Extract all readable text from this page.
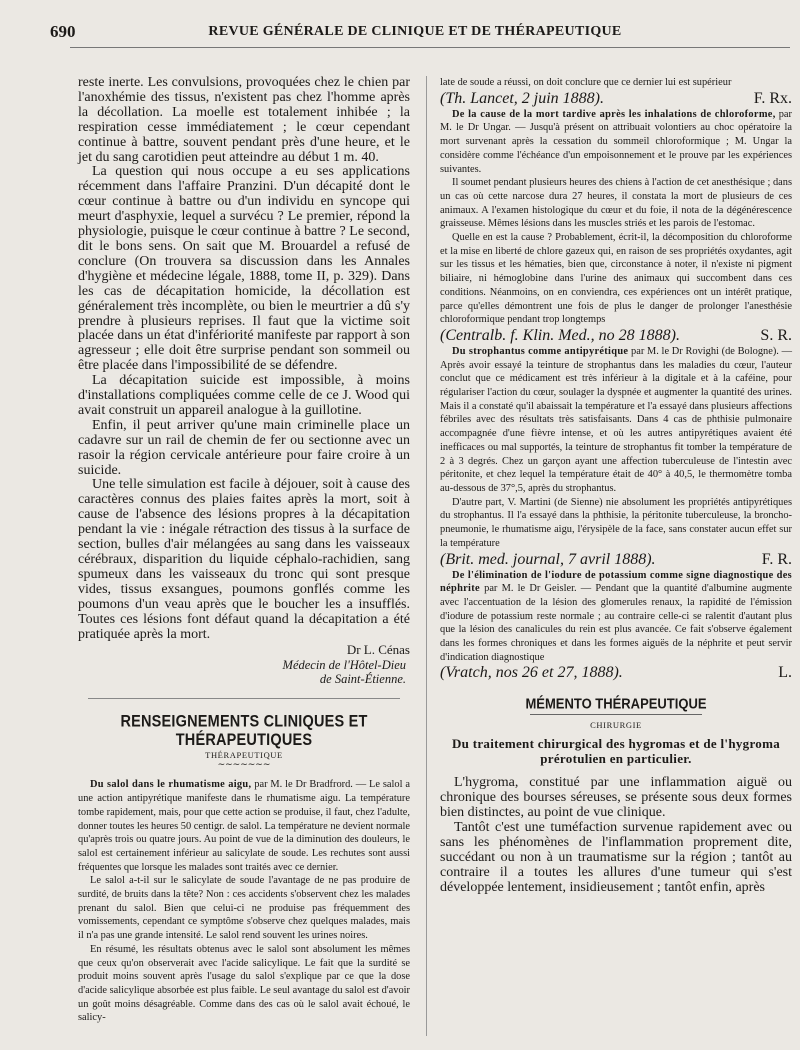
690	REVUE GÉNÉRALE DE CLINIQUE ET DE THÉRAPEUTIQUE

reste inerte. Les convulsions, provoquées chez le chien par l'anoxhémie des tissus, n'existent pas chez l'homme après la décollation. La moelle est totalement inhibée ; la respiration cesse immédiatement ; le cœur cependant continue à battre, souvent pendant près d'une heure, et le jet du sang carotidien peut atteindre au début 1 m. 40.

La question qui nous occupe a eu ses applications récemment dans l'affaire Pranzini. D'un décapité dont le cœur continue à battre ou d'un individu en syncope qui meurt d'asphyxie, lequel a survécu ? Le premier, répond la physiologie, puisque le cœur continue à battre ? Le second, dit le bons sens. On sait que M. Brouardel a refusé de conclure (On trouvera sa discussion dans les Annales d'hygiène et médecine légale, 1888, tome II, p. 329). Dans les cas de décapitation homicide, la décollation est généralement très incomplète, ou bien le meurtrier a dû s'y prendre à plusieurs reprises. Il faut que la victime soit placée dans un état d'infériorité manifeste par rapport à son agresseur ; elle doit être surprise pendant son sommeil ou être placée dans l'impossibilité de se défendre.

La décapitation suicide est impossible, à moins d'installations compliquées comme celle de ce J. Wood qui avait construit un appareil analogue à la guillotine.

Enfin, il peut arriver qu'une main criminelle place un cadavre sur un rail de chemin de fer ou sectionne avec un rasoir la région cervicale antérieure pour faire croire à un suicide.

Une telle simulation est facile à déjouer, soit à cause des caractères connus des plaies faites après la mort, soit à cause de l'absence des lésions propres à la décapitation pendant la vie : inégale rétraction des tissus à la surface de section, bulles d'air mélangées au sang dans les vaisseaux cérébraux, disparition du liquide céphalo-rachidien, sang spumeux dans les vaisseaux du tronc qui sont presque vides, tissus exsangues, poumons gonflés comme les poumons d'un veau après que le boucher les a insufflés. Toutes ces lésions font défaut quand la décapitation a été pratiquée après la mort.

Dr L. Cénas
Médecin de l'Hôtel-Dieu
de Saint-Étienne.
RENSEIGNEMENTS CLINIQUES ET THÉRAPEUTIQUES
THÉRAPEUTIQUE
∼∼∼∼∼∼∼

Du salol dans le rhumatisme aigu, par M. le Dr Bradfrord. — Le salol a une action antipyrétique manifeste dans le rhumatisme aigu. La température tombe rapidement, mais, pour que cette action se produise, il faut, chez l'adulte, donner toutes les heures 50 centigr. de salol. La température ne devient normale qu'après trois ou quatre jours. Au point de vue de la diminution des douleurs, le salol est certainement inférieur au salicylate de soude. Les rechutes sont aussi fréquentes que lorsque les malades sont traités avec ce dernier.

Le salol a-t-il sur le salicylate de soude l'avantage de ne pas produire de surdité, de bruits dans la tête? Non : ces accidents s'observent chez les malades prenant du salol. Bien que celui-ci ne produise pas fréquemment des vomissements, cependant ce symptôme s'observe chez quelques malades, mais il n'a pas une grande intensité. Le salol rend souvent les urines noires.

En résumé, les résultats obtenus avec le salol sont absolument les mêmes que ceux qu'on observerait avec l'acide salicylique. Le fait que la surdité se produit moins souvent après l'usage du salol s'explique par ce que la dose d'acide salicylique absorbée est plus faible. Le seul avantage du salol est d'avoir un goût moins désagréable. Comme dans des cas où le salol avait échoué, le salicy-

late de soude a réussi, on doit conclure que ce dernier lui est supérieur

(Th. Lancet, 2 juin 1888).	F. Rx.

De la cause de la mort tardive après les inhalations de chloroforme, par M. le Dr Ungar. — Jusqu'à présent on attribuait volontiers au choc opératoire la mort survenant après la cessation du sommeil chloroformique ; M. Ungar la considère comme l'échéance d'un empoisonnement et le prouve par les expériences suivantes.

Il soumet pendant plusieurs heures des chiens à l'action de cet anesthésique ; dans un cas où cette narcose dura 27 heures, il constata la mort de plusieurs de ces animaux. A l'examen histologique du cœur et du foie, il nota de la dégénérescence graisseuse. Mêmes lésions dans les muscles striés et les parois de l'estomac.

Quelle en est la cause ? Probablement, écrit-il, la décomposition du chloroforme et la mise en liberté de chlore gazeux qui, en raison de ses propriétés oxydantes, agit sur les tissus et les hématies, bien que, circonstance à noter, il n'existe ni pigment biliaire, ni hémoglobine dans l'urine des animaux qui succombent dans ces conditions. Néanmoins, on en conviendra, ces expériences ont un intérêt pratique, parce qu'elles démontrent une fois de plus le danger de prolonger l'anesthésie chloroformique pendant trop longtemps

(Centralb. f. Klin. Med., no 28 1888).	S. R.

Du strophantus comme antipyrétique par M. le Dr Rovighi (de Bologne). — Après avoir essayé la teinture de strophantus dans les maladies du cœur, l'auteur conclut que ce médicament est très inférieur à la digitale et à la caféine, pour régulariser l'action du cœur, soulager la dyspnée et augmenter la quantité des urines. Mais il a constaté qu'il abaissait la température et l'a essayé dans plusieurs affections fébriles avec des résultats très satisfaisants. Dans 4 cas de phthisie pulmonaire accompagnée d'une fièvre intense, et où les autres antipyrétiques avaient été inefficaces ou mal supportés, la teinture de strophantus fit tomber la température de 2 à 3 degrés. Chez un garçon ayant une affection tuberculeuse de l'intestin avec péritonite, et chez lequel la température était de 40° à 40,5, le thermomètre tomba au-dessous de 37°,5, après du strophantus.

D'autre part, V. Martini (de Sienne) nie absolument les propriétés antipyrétiques du strophantus. Il l'a essayé dans la phthisie, la péritonite tuberculeuse, la broncho-pneumonie, le rhumatisme aigu, l'érysipèle de la face, sans constater aucun effet sur la température

(Brit. med. journal, 7 avril 1888).	F. R.

De l'élimination de l'iodure de potassium comme signe diagnostique des néphrite par M. le Dr Geisler. — Pendant que la quantité d'albumine augmente avec l'accentuation de la lésion des glomerules renaux, la rapidité de l'émission d'iodure de potassium reste normale ; au contraire celle-ci se ralentit d'autant plus que la lésion des canalicules du rein est plus avancée. Ce fait s'observe également dans les formes chroniques et dans les formes aiguës de la néphrite et peut servir d'indication diagnostique

(Vratch, nos 26 et 27, 1888).	L.
MÉMENTO THÉRAPEUTIQUE
CHIRURGIE
Du traitement chirurgical des hygromas et de l'hygroma prérotulien en particulier.

L'hygroma, constitué par une inflammation aiguë ou chronique des bourses séreuses, se présente sous deux formes bien distinctes, au point de vue clinique.

Tantôt c'est une tuméfaction survenue rapidement avec ou sans les phénomènes de l'inflammation proprement dite, succédant ou non à un traumatisme sur la région ; tantôt au contraire il a toutes les allures d'une tumeur qui s'est développée lentement, insidieusement ; tantôt enfin, après
